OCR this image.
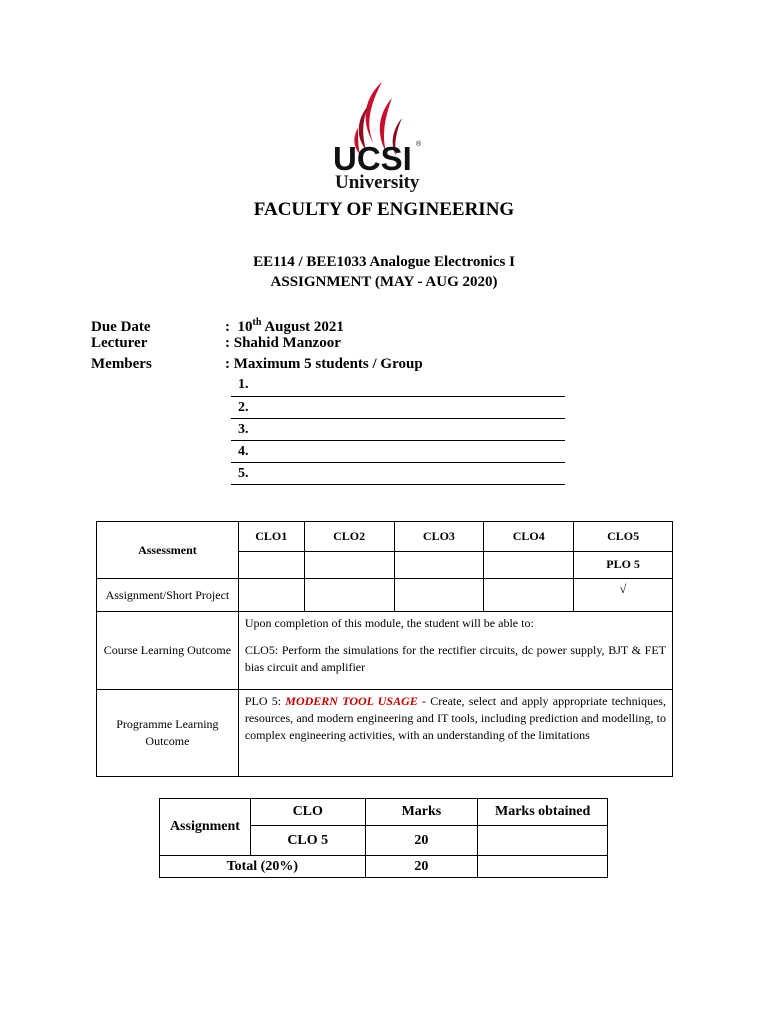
UCSI ®
University
FACULTY OF ENGINEERING
EE114 / BEE1033 Analogue Electronics I
ASSIGNMENT (MAY - AUG 2020)
Due Date	:  10th August 2021
Lecturer	: Shahid Manzoor
Members	: Maximum 5 students / Group
1.
2.
3.
4.
5.
Assessment	CLO1	CLO2	CLO3	CLO4	CLO5
					PLO 5
Assignment/Short Project					√
Course Learning Outcome	Upon completion of this module, the student will be able to:
CLO5: Perform the simulations for the rectifier circuits, dc power supply, BJT & FET bias circuit and amplifier				

Programme Learning Outcome	PLO 5: MODERN TOOL USAGE - Create, select and apply appropriate techniques, resources, and modern engineering and IT tools, including prediction and modelling, to complex engineering activities, with an understanding of the limitations				
Assignment	CLO	Marks	Marks obtained
	CLO 5	20	
Total (20%)		20	
